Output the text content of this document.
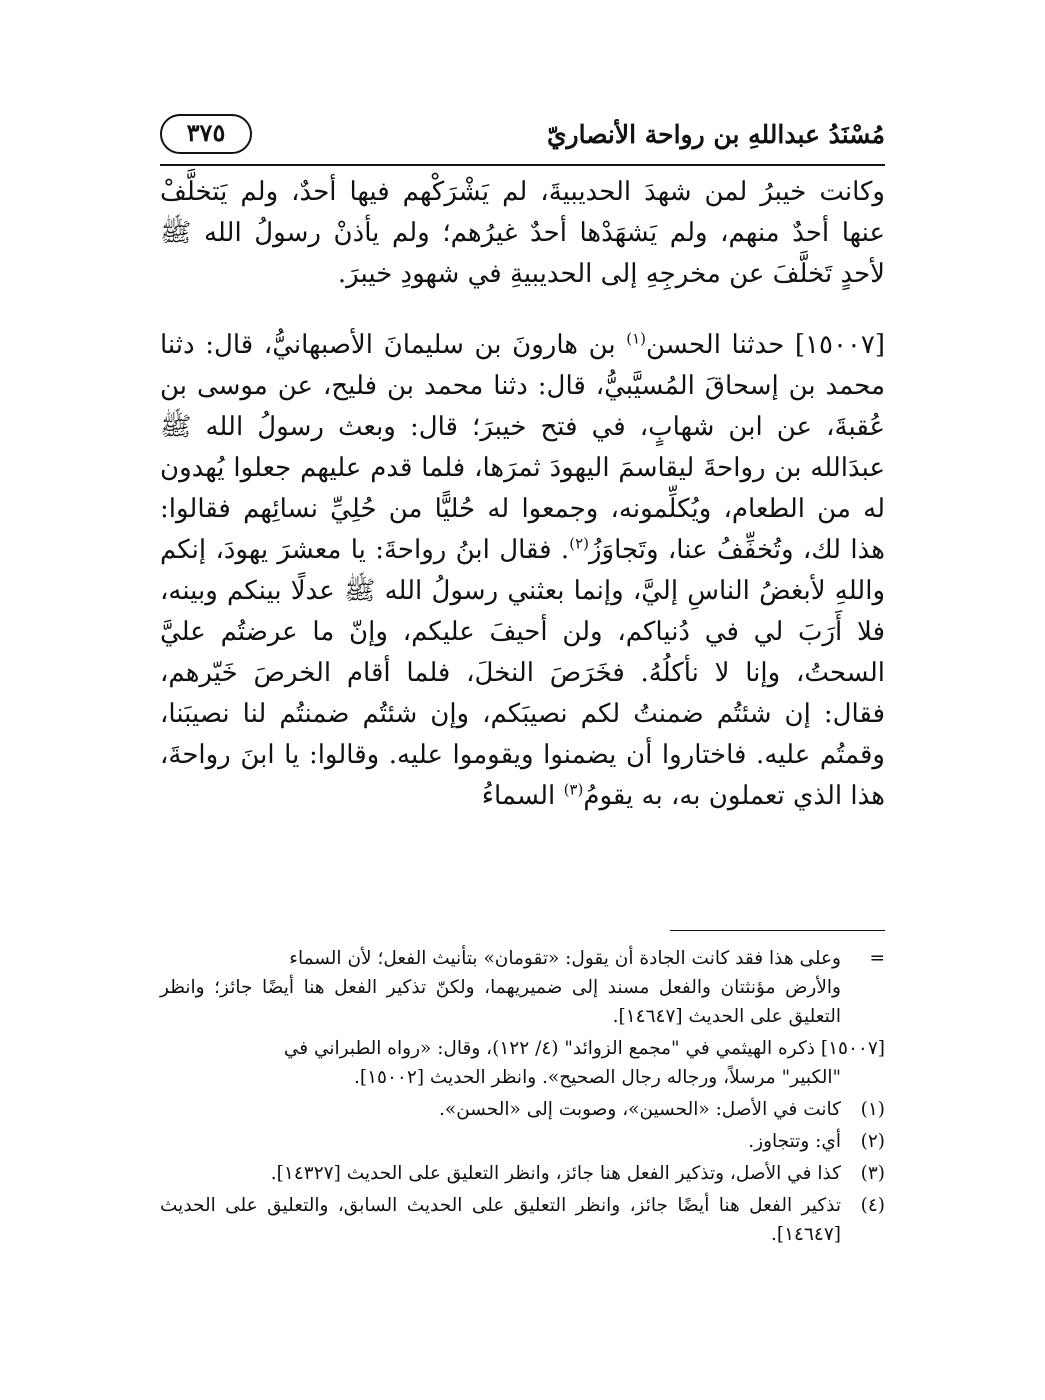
مُسْنَدُ عبداللهِ بن رواحة الأنصاريّ
٣٧٥

وكانت خيبرُ لمن شهدَ الحديبيةَ، لم يَشْرَكْهم فيها أحدٌ، ولم يَتخلَّفْ عنها أحدٌ منهم، ولم يَشهَدْها أحدٌ غيرُهم؛ ولم يأذنْ رسولُ الله ﷺ لأحدٍ تَخلَّفَ عن مخرجِهِ إلى الحديبيةِ في شهودِ خيبرَ.

[١٥٠٠٧] حدثنا الحسن$^{(١)}$ بن هارونَ بن سليمانَ الأصبهانيُّ، قال: دثنا محمد بن إسحاقَ المُسيَّبيُّ، قال: دثنا محمد بن فليح، عن موسى بن عُقبةَ، عن ابن شهابٍ، في فتح خيبرَ؛ قال: وبعث رسولُ الله ﷺ عبدَالله بن رواحةَ ليقاسمَ اليهودَ ثمرَها، فلما قدم عليهم جعلوا يُهدون له من الطعام، ويُكلِّمونه، وجمعوا له حُليًّا من حُلِيِّ نسائِهم فقالوا: هذا لك، وتُخفِّفُ عنا، وتَجاوَزُ$^{(٢)}$. فقال ابنُ رواحةَ: يا معشرَ يهودَ، إنكم واللهِ لأبغضُ الناسِ إليَّ، وإنما بعثني رسولُ الله ﷺ عدلًا بينكم وبينه، فلا أَرَبَ لي في دُنياكم، ولن أحيفَ عليكم، وإنّ ما عرضتُم عليَّ السحتُ، وإنا لا نأكلُهُ. فخَرَصَ النخلَ، فلما أقام الخرصَ خَيّرهم، فقال: إن شئتُم ضمنتُ لكم نصيبَكم، وإن شئتُم ضمنتُم لنا نصيبَنا، وقمتُم عليه. فاختاروا أن يضمنوا ويقوموا عليه. وقالوا: يا ابنَ رواحةَ، هذا الذي تعملون به، به يقومُ$^{(٣)}$ السماءُ

=
وعلى هذا فقد كانت الجادة أن يقول: «تقومان» بتأنيث الفعل؛ لأن السماء
والأرض مؤنثتان والفعل مسند إلى ضميريهما، ولكنّ تذكير الفعل هنا أيضًا جائز؛ وانظر التعليق على الحديث [١٤٦٤٧].
[١٥٠٠٧] ذكره الهيثمي في "مجمع الزوائد" (٤/ ١٢٢)، وقال: «رواه الطبراني في
"الكبير" مرسلاً، ورجاله رجال الصحيح». وانظر الحديث [١٥٠٠٢].
(١)
كانت في الأصل: «الحسين»، وصوبت إلى «الحسن».
(٢)
أي: وتتجاوز.
(٣)
كذا في الأصل، وتذكير الفعل هنا جائز، وانظر التعليق على الحديث [١٤٣٢٧].
(٤)
تذكير الفعل هنا أيضًا جائز، وانظر التعليق على الحديث السابق، والتعليق على الحديث [١٤٦٤٧].
